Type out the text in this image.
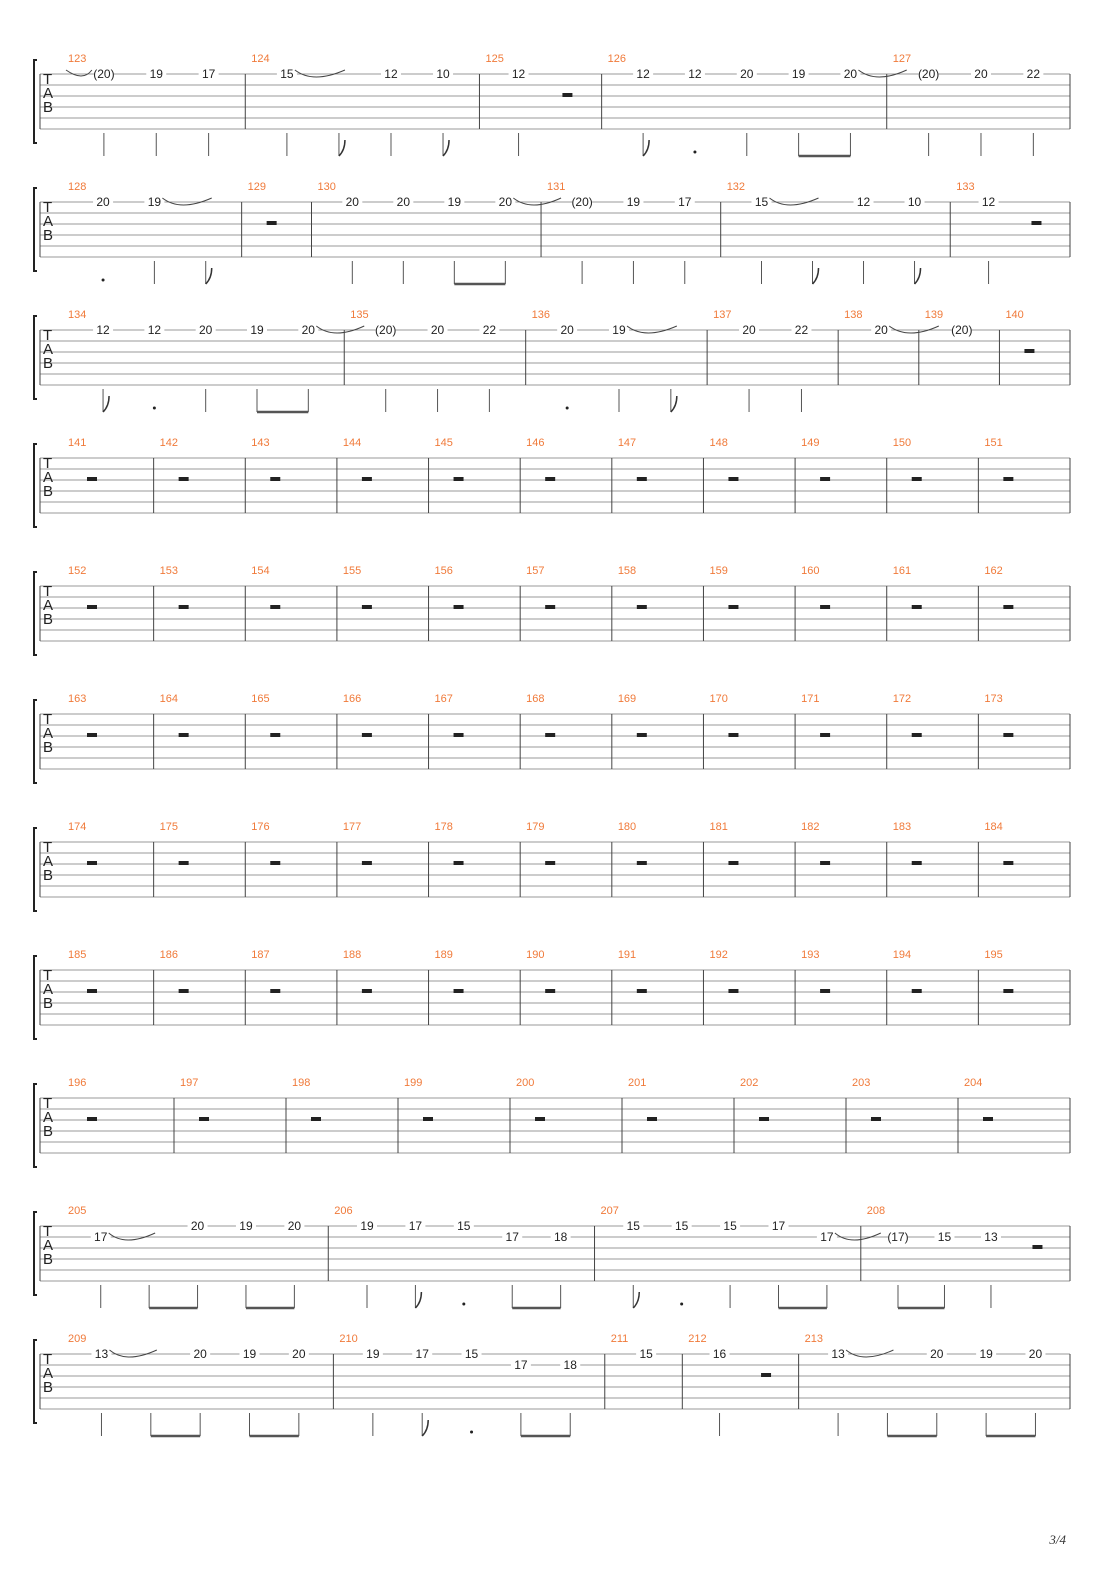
T
A
B
123
(20)	19	17
124
15	12	10
125
12
126
12	12	20	19	20
127
(20)	20	22
T
A
B
128
20	19
129	130
20	20	19	20
131
(20)	19	17
132
15	12	10
133
12
T
A
B
134
12	12	20	19	20
135
(20)	20	22
136
20	19
137
20	22
138
20
139
(20)
140
T
A
B
141	142	143	144	145	146	147	148	149	150	151
T
A
B
152	153	154	155	156	157	158	159	160	161	162
T
A
B
163	164	165	166	167	168	169	170	171	172	173
T
A
B
174	175	176	177	178	179	180	181	182	183	184
T
A
B
185	186	187	188	189	190	191	192	193	194	195
T
A
B
196	197	198	199	200	201	202	203	204
T
A
B
205
17
20	19	20
206
19	17	15
17	18
207
15	15	15	17
17
208
(17) 15	13
T
A
B
209
13	20	19	20
210
19	17	15
17	18
211
15
212
16
213
13	20	19	20
3/4
